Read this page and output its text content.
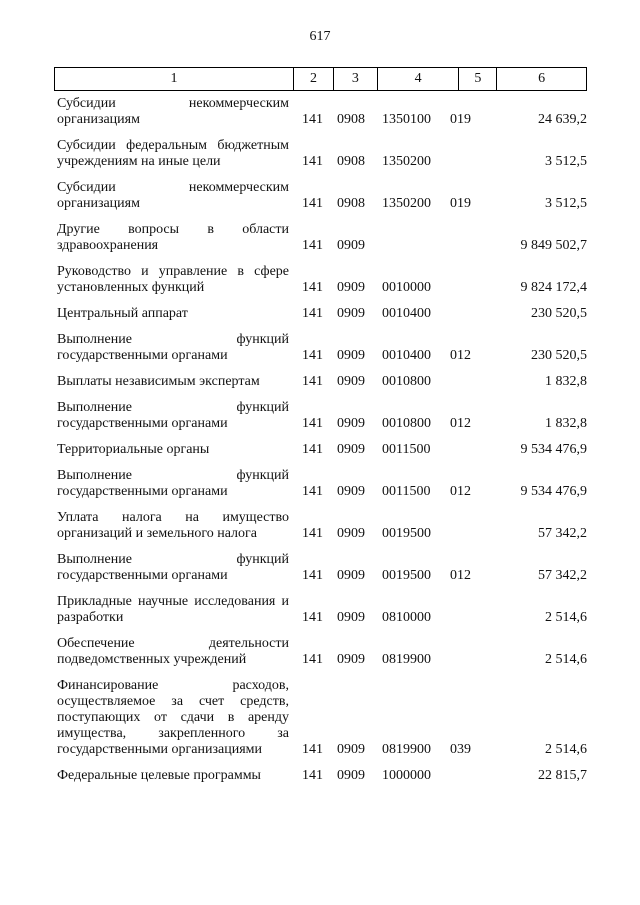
617
1	2	3	4	5	6
Субсидии некоммерческим
организациям	141 0908 1350100 019	24 639,2
Субсидии федеральным бюджетным
учреждениям на иные цели	141 0908 1350200	3 512,5
Субсидии некоммерческим
организациям	141 0908 1350200 019	3 512,5
Другие вопросы в области
здравоохранения	141 0909	9 849 502,7
Руководство и управление в сфере
установленных функций	141 0909 0010000	9 824 172,4
Центральный аппарат	141 0909 0010400	230 520,5
Выполнение функций
государственными органами	141 0909 0010400 012	230 520,5
Выплаты независимым экспертам	141 0909 0010800	1 832,8
Выполнение функций
государственными органами	141 0909 0010800 012	1 832,8
Территориальные органы	141 0909 0011500	9 534 476,9
Выполнение функций
государственными органами	141 0909 0011500 012	9 534 476,9
Уплата налога на имущество
организаций и земельного налога	141 0909 0019500	57 342,2
Выполнение функций
государственными органами	141 0909 0019500 012	57 342,2
Прикладные научные исследования и
разработки	141 0909 0810000	2 514,6
Обеспечение деятельности
подведомственных учреждений	141 0909 0819900	2 514,6
Финансирование расходов,
осуществляемое за счет средств,
поступающих от сдачи в аренду
имущества, закрепленного за
государственными организациями	141 0909 0819900 039	2 514,6
Федеральные целевые программы	141 0909 1000000	22 815,7
